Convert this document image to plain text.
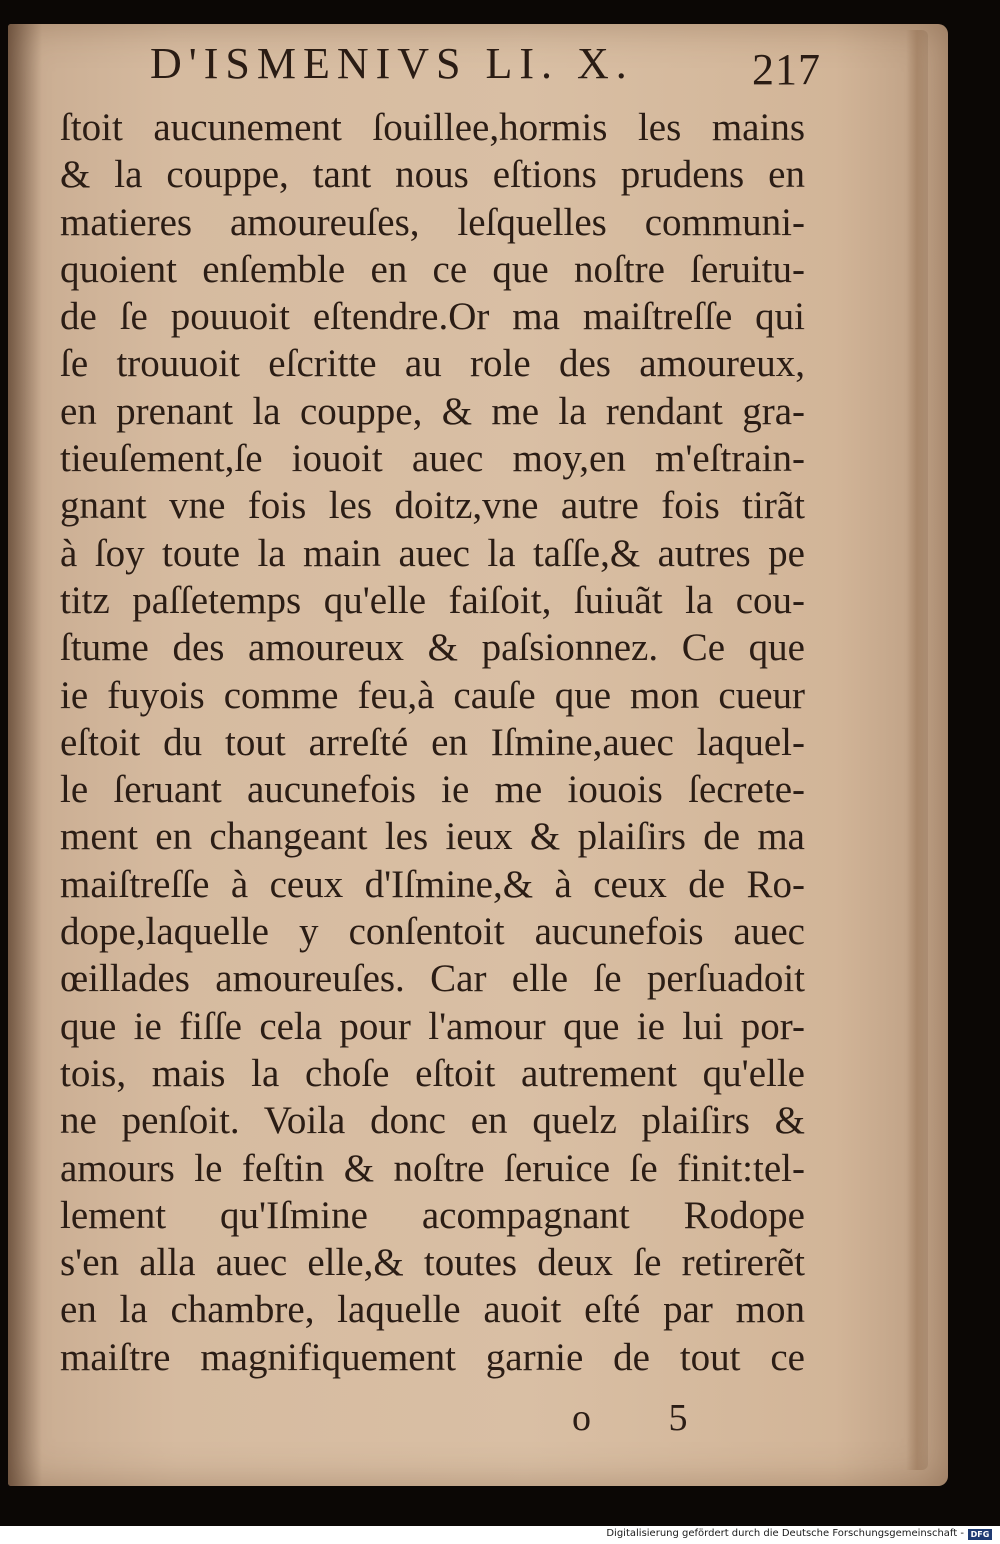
D'ISMENIVS LI. X.	217
ſtoit aucunement ſouillee,hormis les mains
& la couppe, tant nous eſtions prudens en
matieres amoureuſes, leſquelles communi-
quoient enſemble en ce que noſtre ſeruitu-
de ſe pouuoit eſtendre.Or ma maiſtreſſe qui
ſe trouuoit eſcritte au role des amoureux,
en prenant la couppe, & me la rendant gra-
tieuſement,ſe iouoit auec moy,en m'eſtrain-
gnant vne fois les doitz,vne autre fois tirãt
à ſoy toute la main auec la taſſe,& autres pe
titz paſſetemps qu'elle faiſoit, ſuiuãt la cou-
ſtume des amoureux & paſsionnez. Ce que
ie fuyois comme feu,à cauſe que mon cueur
eſtoit du tout arreſté en Iſmine,auec laquel-
le ſeruant aucunefois ie me iouois ſecrete-
ment en changeant les ieux & plaiſirs de ma
maiſtreſſe à ceux d'Iſmine,& à ceux de Ro-
dope,laquelle y conſentoit aucunefois auec
œillades amoureuſes. Car elle ſe perſuadoit
que ie fiſſe cela pour l'amour que ie lui por-
tois, mais la choſe eſtoit autrement qu'elle
ne penſoit. Voila donc en quelz plaiſirs &
amours le feſtin & noſtre ſeruice ſe finit:tel-
lement qu'Iſmine acompagnant Rodope
s'en alla auec elle,& toutes deux ſe retirerẽt
en la chambre, laquelle auoit eſté par mon
maiſtre magnifiquement garnie de tout ce
o 5
Digitalisierung gefördert durch die Deutsche Forschungsgemeinschaft - DFG
